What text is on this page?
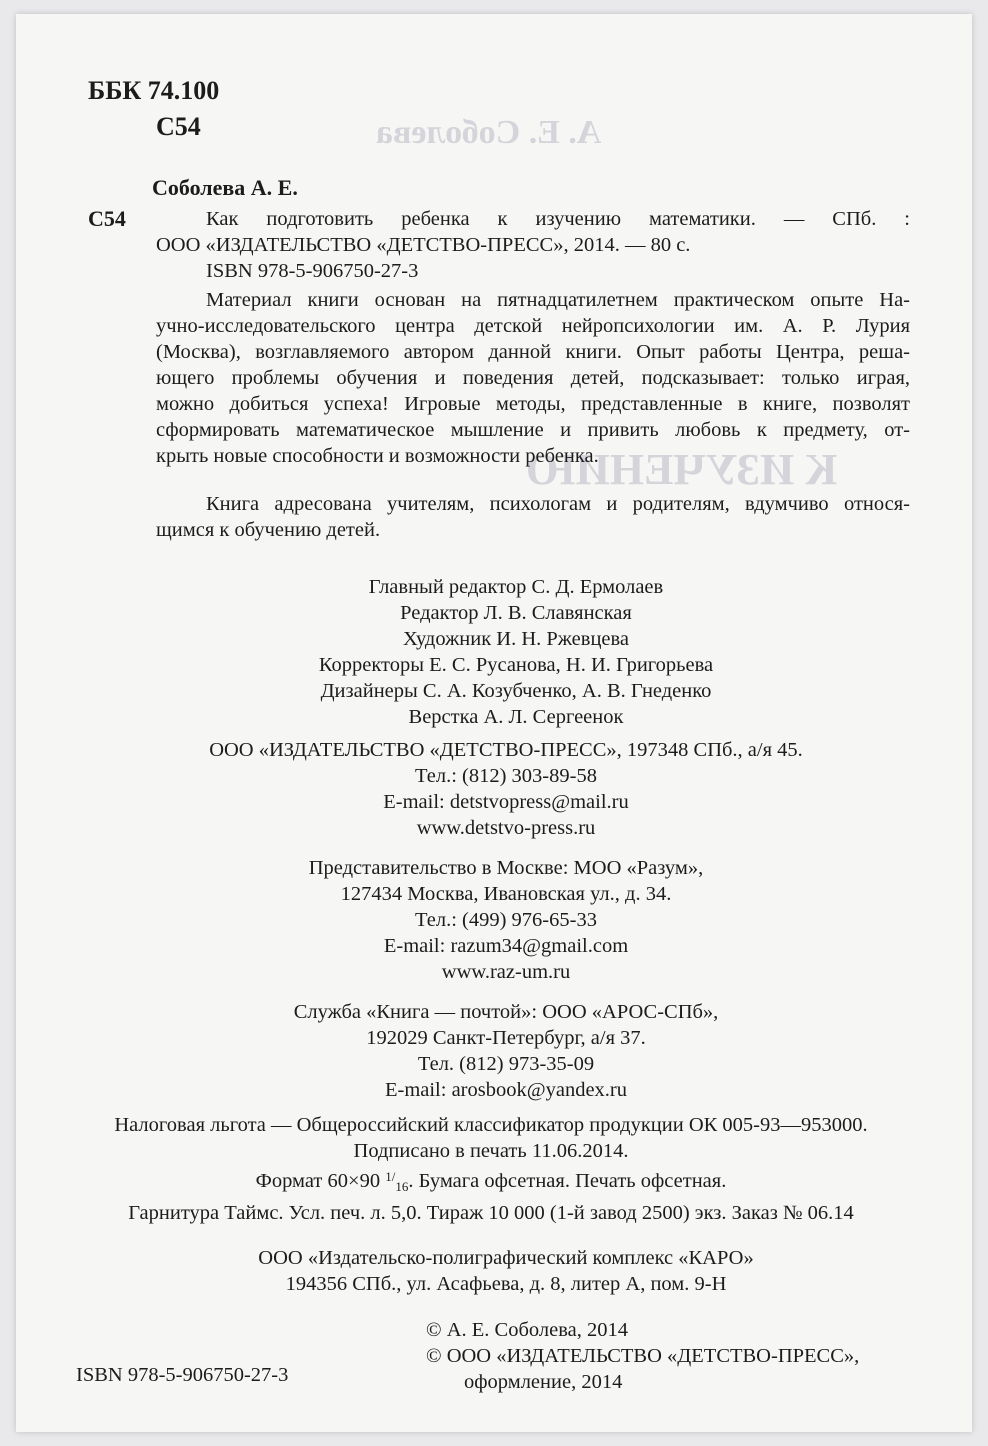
А. Е. Соболева
К ИЗУЧЕНИЮ
ББК 74.100
С54
Соболева А. Е.
С54	Как подготовить ребенка к изучению математики. — СПб. :
ООО «ИЗДАТЕЛЬСТВО «ДЕТСТВО-ПРЕСС», 2014. — 80 с.
ISBN 978-5-906750-27-3
Материал книги основан на пятнадцатилетнем практическом опыте На-
учно-исследовательского центра детской нейропсихологии им. А. Р. Лурия
(Москва), возглавляемого автором данной книги. Опыт работы Центра, реша-
ющего проблемы обучения и поведения детей, подсказывает: только играя,
можно добиться успеха! Игровые методы, представленные в книге, позволят
сформировать математическое мышление и привить любовь к предмету, от-
крыть новые способности и возможности ребенка.
Книга адресована учителям, психологам и родителям, вдумчиво относя-
щимся к обучению детей.
Главный редактор С. Д. Ермолаев
Редактор Л. В. Славянская
Художник И. Н. Ржевцева
Корректоры Е. С. Русанова, Н. И. Григорьева
Дизайнеры С. А. Козубченко, А. В. Гнеденко
Верстка А. Л. Сергеенок
ООО «ИЗДАТЕЛЬСТВО «ДЕТСТВО-ПРЕСС», 197348 СПб., а/я 45.
Тел.: (812) 303-89-58
E-mail: detstvopress@mail.ru
www.detstvo-press.ru
Представительство в Москве: МОО «Разум»,
127434 Москва, Ивановская ул., д. 34.
Тел.: (499) 976-65-33
E-mail: razum34@gmail.com
www.raz-um.ru
Служба «Книга — почтой»: ООО «АРОС-СПб»,
192029 Санкт-Петербург, а/я 37.
Тел. (812) 973-35-09
E-mail: arosbook@yandex.ru
Налоговая льгота — Общероссийский классификатор продукции ОК 005-93—953000.
Подписано в печать 11.06.2014.
Формат 60×90 $^{1/_{16}}$. Бумага офсетная. Печать офсетная.
Гарнитура Таймс. Усл. печ. л. 5,0. Тираж 10 000 (1-й завод 2500) экз. Заказ № 06.14
ООО «Издательско-полиграфический комплекс «КАРО»
194356 СПб., ул. Асафьева, д. 8, литер А, пом. 9-Н
ISBN 978-5-906750-27-3
© А. Е. Соболева, 2014
© ООО «ИЗДАТЕЛЬСТВО «ДЕТСТВО-ПРЕСС»,
оформление, 2014
